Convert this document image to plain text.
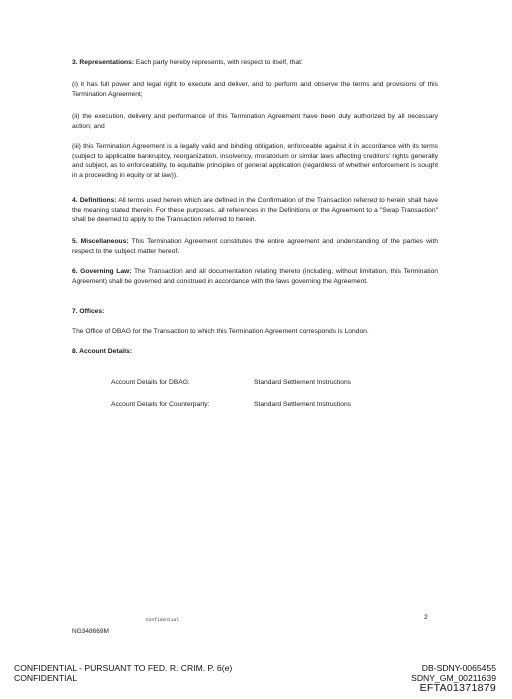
3. Representations: Each party hereby represents, with respect to itself, that:
(i) it has full power and legal right to execute and deliver, and to perform and observe the terms and provisions of this Termination Agreement;
(ii) the execution, delivery and performance of this Termination Agreement have been duly authorized by all necessary action; and
(iii) this Termination Agreement is a legally valid and binding obligation, enforceable against it in accordance with its terms (subject to applicable bankruptcy, reorganization, insolvency, moratorium or similar laws affecting creditors' rights generally and subject, as to enforceability, to equitable principles of general application (regardless of whether enforcement is sought in a proceeding in equity or at law)).
4. Definitions: All terms used herein which are defined in the Confirmation of the Transaction referred to herein shall have the meaning stated therein. For these purposes, all references in the Definitions or the Agreement to a "Swap Transaction" shall be deemed to apply to the Transaction referred to herein.
5. Miscellaneous: This Termination Agreement constitutes the entire agreement and understanding of the parties with respect to the subject matter hereof.
6. Governing Law: The Transaction and all documentation relating thereto (including, without limitation, this Termination Agreement) shall be governed and construed in accordance with the laws governing the Agreement.
7. Offices:
The Office of DBAG for the Transaction to which this Termination Agreement corresponds is London.
8. Account Details:
Account Details for DBAG:	Standard Settlement Instructions
Account Details for Counterparty:	Standard Settlement Instructions
Confidential	2
NG348669M
CONFIDENTIAL - PURSUANT TO FED. R. CRIM. P. 6(e)
CONFIDENTIAL
DB-SDNY-0065455
SDNY_GM_00211639
EFTA01371879
